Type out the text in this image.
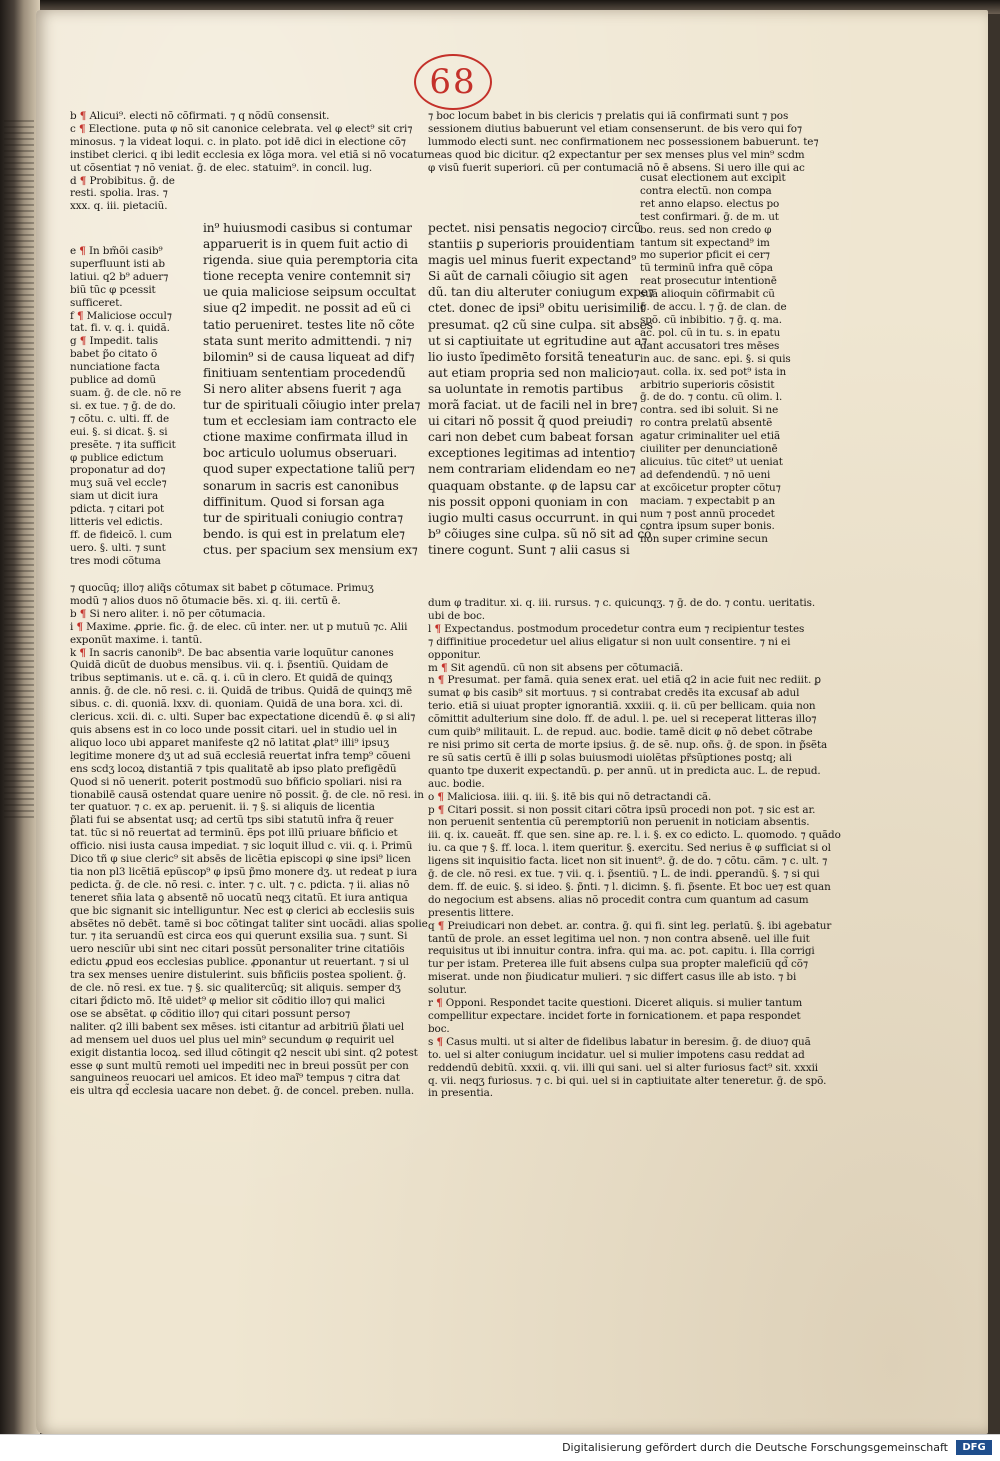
68

b ¶ Alicui⁹. electi nõ cõfirmati. ⁊ q nõdũ consensit.

c ¶ Electione. puta φ nõ sit canonice celebrata. vel φ elect⁹ sit cri⁊

minosus. ⁊ la videat loqui. c. in plato. pot idē dici in electione cõ⁊

instibet clerici. q ibi ledit ecclesia ex lõga mora. vel etiã si nõ vocatur

ut cõsentiat ⁊ nõ veniat. ḡ. de elec. statuim⁹. in concil. lug.

d ¶ Probibitus. ḡ. de

resti. spolia. lras. ⁊

xxx. q. iii. pietaciũ.

⁊ boc locum babet in bis clericis ⁊ prelatis qui iã confirmati sunt ⁊ pos

sessionem diutius babuerunt vel etiam consenserunt. de bis vero qui fo⁊

lummodo electi sunt. nec confirmationem nec possessionem babuerunt. te⁊

neas quod bic dicitur. q2 expectantur per sex menses plus vel min⁹ scdm

φ visũ fuerit superiori. cũ per contumaciã nõ ē absens. Si uero ille qui ac

in⁹ huiusmodi casibus si contumar

apparuerit is in quem fuit actio di

rigenda. siue quia peremptoria cita

tione recepta venire contemnit si⁊

ue quia maliciose seipsum occultat

siue q2 impedit. ne possit ad eũ ci

tatio perueniret. testes lite nõ cõte

stata sunt merito admittendi. ⁊ ni⁊

bilomin⁹ si de causa liqueat ad dif⁊

finitiuam sententiam procedendũ

Si nero aliter absens fuerit ⁊ aga

tur de spirituali cõiugio inter prela⁊

tum et ecclesiam iam contracto ele

ctione maxime confirmata illud in

boc articulo uolumus obseruari.

quod super expectatione taliũ per⁊

sonarum in sacris est canonibus

diffinitum. Quod si forsan aga

tur de spirituali coniugio contra⁊

bendo. is qui est in prelatum ele⁊

ctus. per spacium sex mensium ex⁊

pectet. nisi pensatis negocio⁊ circũ

stantiis ꝑ superioris prouidentiam

magis uel minus fuerit expectand⁹

Si aũt de carnali cõiugio sit agen

dũ. tan diu alteruter coniugum expe⁊

ctet. donec de ipsi⁹ obitu uerisimilit

presumat. q2 cũ sine culpa. sit abses

ut si captiuitate ut egritudine aut a⁊

lio iusto ĩpedimēto forsitã teneatur

aut etiam propria sed non malicio⁊

sa uoluntate in remotis partibus

morã faciat. ut de facili nel in bre⁊

ui citari nõ possit q̃ quod preiudi⁊

cari non debet cum babeat forsan

exceptiones legitimas ad intentio⁊

nem contrariam elidendam eo ne⁊

quaquam obstante. φ de lapsu car

nis possit opponi quoniam in con

iugio multi casus occurrunt. in qui

b⁹ cõiuges sine culpa. sũ nõ sit ad cõ

tinere cogunt. Sunt ⁊ alii casus si

cusat electionem aut excipit

contra electũ. non compa

ret anno elapso. electus po

test confirmari. ḡ. de m. ut

bo. reus. sed non credo φ

tantum sit expectand⁹ im

mo superior pficit ei cer⁊

tũ terminũ infra quē cõpa

reat prosecutur intentionē

suã alioquin cõfirmabit cũ

ḡ. de accu. l. ⁊ ḡ. de clan. de

spõ. cũ inbibitio. ⁊ ḡ. q. ma.

ac. pol. cũ in tu. s. in epatu

dant accusatori tres mēses

in auc. de sanc. epi. §. si quis

aut. colla. ix. sed pot⁹ ista in

arbitrio superioris cõsistit

ḡ. de do. ⁊ contu. cũ olim. l.

contra. sed ibi soluit. Si ne

ro contra prelatũ absentẽ

agatur criminaliter uel etiã

ciuiliter per denunciationē

alicuius. tũc citet⁹ ut ueniat

ad defendendũ. ⁊ nõ ueni

at excõicetur propter cõtu⁊

maciam. ⁊ expectabit p an

num ⁊ post annũ procedet

contra ipsum super bonis.

non super crimine secun

e ¶ In bm̃õi casib⁹

superfluunt isti ab

latiui. q2 b⁹ aduer⁊

biũ tũc φ pcessit

sufficeret.

f ¶ Maliciose occul⁊

tat. fi. v. q. i. quidã.

g ¶ Impedit. talis

babet p̃o citato õ

nunciatione facta

publice ad domũ

suam. ḡ. de cle. nõ re

si. ex tue. ⁊ ḡ. de do.

⁊ cõtu. c. ulti. ff. de

eui. §. si dicat. §. si

presẽte. ⁊ ita sufficit

φ publice edictum

proponatur ad do⁊

muʒ suã vel eccle⁊

siam ut dicit iura

pdicta. ⁊ citari pot

litteris vel edictis.

ff. de fideicõ. l. cum

uero. §. ulti. ⁊ sunt

tres modi cõtuma

⁊ quocũq; illo⁊ aliq̃s cõtumax sit babet ꝑ cõtumace. Primuʒ

modũ ⁊ alios duos nõ õtumacie bẽs. xi. q. iii. certũ ē.

b ¶ Si nero aliter. i. nõ per cõtumacia.

i ¶ Maxime. ꝓprie. fic. ḡ. de elec. cũ inter. ner. ut p mutuũ ⁊c. Alii

exponũt maxime. i. tantũ.

k ¶ In sacris canonib⁹. De bac absentia varie loquũtur canones

Quidã dicũt de duobus mensibus. vii. q. i. p̃sentiũ. Quidam de

tribus septimanis. ut e. cã. q. i. cũ in clero. Et quidã de quinqʒ

annis. ḡ. de cle. nõ resi. c. ii. Quidã de tribus. Quidã de quinqʒ mẽ

sibus. c. di. quoniã. lxxv. di. quoniam. Quidã de una bora. xci. di.

clericus. xcii. di. c. ulti. Super bac expectatione dicendũ ē. φ si ali⁊

quis absens est in co loco unde possit citari. uel in studio uel in

aliquo loco ubi apparet manifeste q2 nõ latitat ꝓlat⁹ illi⁹ ipsuʒ

legitime monere dʒ ut ad suã ecclesiã reuertat infra temp⁹ cõueni

ens scdʒ locoꝝ distantiã ⁊ tpis qualitatē ab ipso plato prefigēdũ

Quod si nõ uenerit. poterit postmodũ suo bñficio spoliari. nisi ra

tionabilē causã ostendat quare uenire nõ possit. ḡ. de cle. nõ resi. in

ter quatuor. ⁊ c. ex ap. peruenit. ii. ⁊ §. si aliquis de licentia

p̃lati fui se absentat usq; ad certũ tps sibi statutũ infra q̃ reuer

tat. tũc si nõ reuertat ad terminũ. ẽps pot illũ priuare bñficio et

officio. nisi iusta causa impediat. ⁊ sic loquit illud c. vii. q. i. Primũ

Dico tñ φ siue cleric⁹ sit absēs de licẽtia episcopi φ sine ipsi⁹ licen

tia non pl3 licẽtiã epũscop⁹ φ ipsũ p̃mo monere dʒ. ut redeat p iura

pedicta. ḡ. de cle. nõ resi. c. inter. ⁊ c. ult. ⁊ c. pdicta. ⁊ ii. alias nõ

teneret sñia lata ꝯ absentē nõ uocatũ neqʒ citatũ. Et iura antiqua

que bic signanit sic intelliguntur. Nec est φ clerici ab ecclesiis suis

absẽtes nõ debẽt. tamẽ si boc cõtingat taliter sint uocãdi. alias spolie

tur. ⁊ ita seruandũ est circa eos qui querunt exsilia sua. ⁊ sunt. Si

uero nesciũr ubi sint nec citari possũt personaliter trine citatiõis

edictu ꝓpud eos ecclesias publice. ꝓponantur ut reuertant. ⁊ si ul

tra sex menses uenire distulerint. suis bñficiis postea spolient. ḡ.

de cle. nõ resi. ex tue. ⁊ §. sic qualitercũq; sit aliquis. semper dʒ

citari p̃dicto mõ. Itē uidet⁹ φ melior sit cõditio illo⁊ qui malici

ose se absẽtat. φ cõditio illo⁊ qui citari possunt perso⁊

naliter. q2 illi babent sex mēses. isti citantur ad arbitriũ p̃lati uel

ad mensem uel duos uel plus uel min⁹ secundum φ requirit uel

exigit distantia locoꝝ. sed illud cõtingit q2 nescit ubi sint. q2 potest

esse φ sunt multũ remoti uel impediti nec in breui possũt per con

sanguineos reuocari uel amicos. Et ideo maĩ⁹ tempus ⁊ citra dat

eis ultra qd̃ ecclesia uacare non debet. ḡ. de concel. preben. nulla.

dum φ traditur. xi. q. iii. rursus. ⁊ c. quicunqʒ. ⁊ ḡ. de do. ⁊ contu. ueritatis.

ubi de boc.

l ¶ Expectandus. postmodum procedetur contra eum ⁊ recipientur testes

⁊ diffinitiue procedetur uel alius eligatur si non uult consentire. ⁊ ni ei

opponitur.

m ¶ Sit agendũ. cũ non sit absens per cõtumaciã.

n ¶ Presumat. per famã. quia senex erat. uel etiã q2 in acie fuit nec rediit. ꝑ

sumat φ bis casib⁹ sit mortuus. ⁊ si contrabat credēs ita excusaf ab adul

terio. etiã si uiuat propter ignorantiã. xxxiii. q. ii. cũ per bellicam. quia non

cõmittit adulterium sine dolo. ff. de adul. l. pe. uel si receperat litteras illo⁊

cum quib⁹ militauit. L. de repud. auc. bodie. tamē dicit φ nõ debet cõtrabe

re nisi primo sit certa de morte ipsius. ḡ. de sẽ. nup. oñs. ḡ. de spon. in p̃sẽta

re sũ satis certũ ē illi ꝑ solas buiusmodi uiolẽtas pr̃sũptiones postq; ali

quanto tpe duxerit expectandũ. ꝑ. per annũ. ut in predicta auc. L. de repud.

auc. bodie.

o ¶ Maliciosa. iiii. q. iii. §. itē bis qui nõ detractandi cã.

p ¶ Citari possit. si non possit citari cõtra ipsũ procedi non pot. ⁊ sic est ar.

non peruenit sententia cũ peremptoriũ non peruenit in noticiam absentis.

iii. q. ix. caueãt. ff. que sen. sine ap. re. l. i. §. ex co edicto. L. quomodo. ⁊ quãdo

iu. ca que ⁊ §. ff. loca. l. item queritur. §. exercitu. Sed nerius ē φ sufficiat si ol

ligens sit inquisitio facta. licet non sit inuent⁹. ḡ. de do. ⁊ cõtu. cãm. ⁊ c. ult. ⁊

ḡ. de cle. nõ resi. ex tue. ⁊ vii. q. i. p̃sentiũ. ⁊ L. de indi. ꝑperandũ. §. ⁊ si qui

dem. ff. de euic. §. si ideo. §. p̃nti. ⁊ l. dicimn. §. fi. p̃sente. Et boc ue⁊ est quan

do negocium est absens. alias nõ procedit contra cum quantum ad casum

presentis littere.

q ¶ Preiudicari non debet. ar. contra. ḡ. qui fi. sint leg. perlatũ. §. ibi agebatur

tantũ de prole. an esset legitima uel non. ⁊ non contra absenē. uel ille fuit

requisitus ut ibi innuitur contra. infra. qui ma. ac. pot. capitu. i. Illa corrigi

tur per istam. Preterea ille fuit absens culpa sua propter maleficiũ qd̃ cõ⁊

miserat. unde non p̃iudicatur mulieri. ⁊ sic differt casus ille ab isto. ⁊ bi

solutur.

r ¶ Opponi. Respondet tacite questioni. Diceret aliquis. si mulier tantum

compellitur expectare. incidet forte in fornicationem. et papa respondet

boc.

s ¶ Casus multi. ut si alter de fidelibus labatur in beresim. ḡ. de diuo⁊ quã

to. uel si alter coniugum incidatur. uel si mulier impotens casu reddat ad

reddendũ debitũ. xxxii. q. vii. illi qui sani. uel si alter furiosus fact⁹ sit. xxxii

q. vii. neqʒ furiosus. ⁊ c. bi qui. uel si in captiuitate alter teneretur. ḡ. de spõ.

in presentia.

Digitalisierung gefördert durch die Deutsche Forschungsgemeinschaft	DFG
